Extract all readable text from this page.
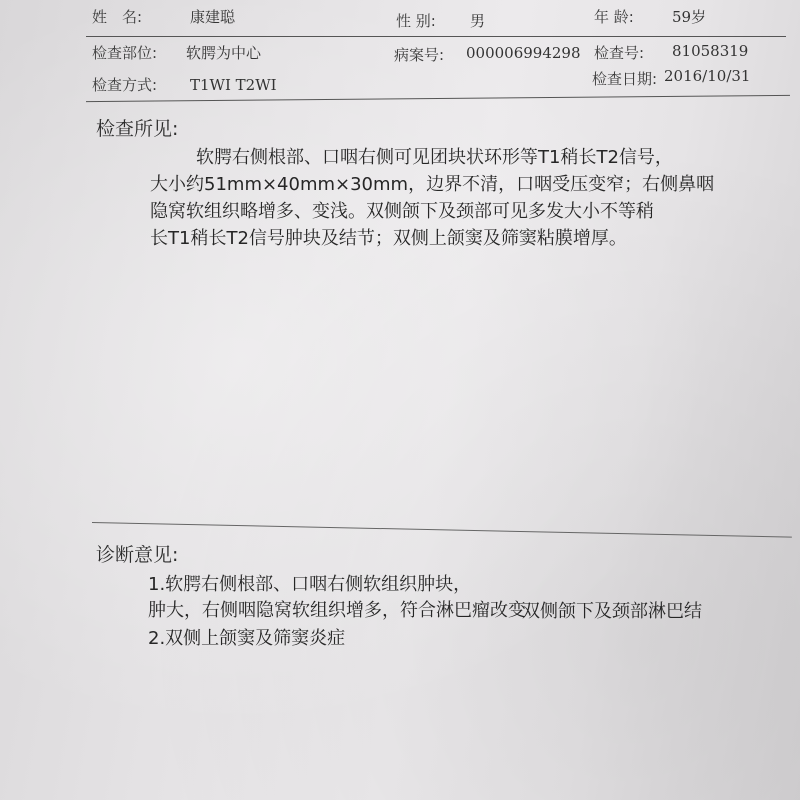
姓　名:	康建聪	性 别: 男	年 龄:	59岁
检查部位: 软腭为中心	病案号: 000006994298 检查号: 81058319
检查方式: T1WI T2WI	检查日期: 2016/10/31
检查所见:
软腭右侧根部、口咽右侧可见团块状环形等T1稍长T2信号，
大小约51mm×40mm×30mm，边界不清，口咽受压变窄；右侧鼻咽
隐窝软组织略增多、变浅。双侧颌下及颈部可见多发大小不等稍
长T1稍长T2信号肿块及结节；双侧上颌窦及筛窦粘膜增厚。
诊断意见:
1.软腭右侧根部、口咽右侧软组织肿块，
肿大，右侧咽隐窝软组织增多，符合淋巴瘤改变
双侧颌下及颈部淋巴结
2.双侧上颌窦及筛窦炎症
